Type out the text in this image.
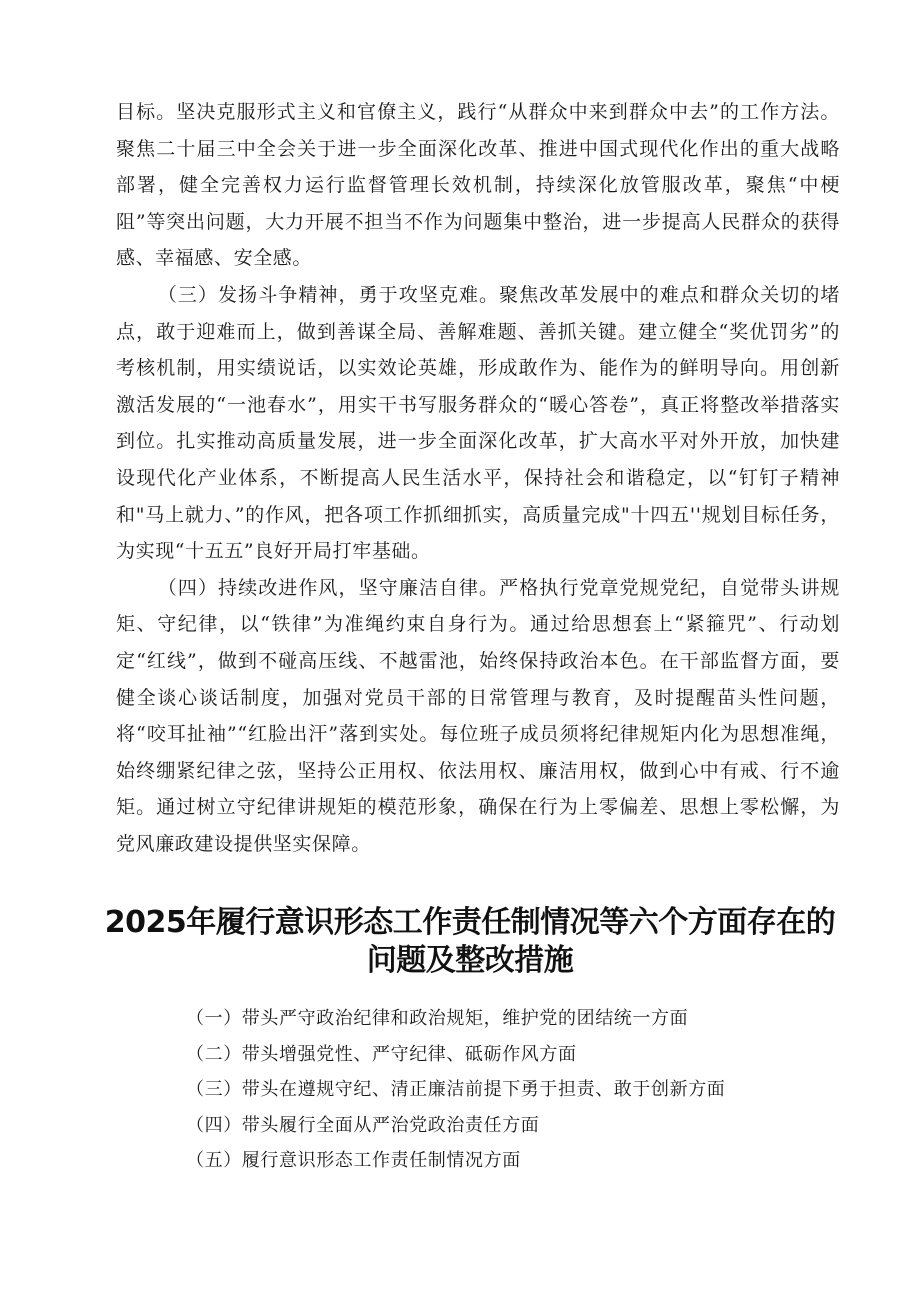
目标。坚决克服形式主义和官僚主义，践行“从群众中来到群众中去”的工作方法。聚焦二十届三中全会关于进一步全面深化改革、推进中国式现代化作出的重大战略部署，健全完善权力运行监督管理长效机制，持续深化放管服改革，聚焦“中梗阻”等突出问题，大力开展不担当不作为问题集中整治，进一步提高人民群众的获得感、幸福感、安全感。

（三）发扬斗争精神，勇于攻坚克难。聚焦改革发展中的难点和群众关切的堵点，敢于迎难而上，做到善谋全局、善解难题、善抓关键。建立健全“奖优罚劣”的考核机制，用实绩说话，以实效论英雄，形成敢作为、能作为的鲜明导向。用创新激活发展的“一池春水”，用实干书写服务群众的“暖心答卷”，真正将整改举措落实到位。扎实推动高质量发展，进一步全面深化改革，扩大高水平对外开放，加快建设现代化产业体系，不断提高人民生活水平，保持社会和谐稳定，以“钉钉子精神和"马上就力、”的作风，把各项工作抓细抓实，高质量完成"十四五''规划目标任务，为实现“十五五”良好开局打牢基础。

（四）持续改进作风，坚守廉洁自律。严格执行党章党规党纪，自觉带头讲规矩、守纪律，以“铁律”为准绳约束自身行为。通过给思想套上“紧箍咒”、行动划定“红线”，做到不碰高压线、不越雷池，始终保持政治本色。在干部监督方面，要健全谈心谈话制度，加强对党员干部的日常管理与教育，及时提醒苗头性问题，将“咬耳扯袖”“红脸出汗”落到实处。每位班子成员须将纪律规矩内化为思想准绳，始终绷紧纪律之弦，坚持公正用权、依法用权、廉洁用权，做到心中有戒、行不逾矩。通过树立守纪律讲规矩的模范形象，确保在行为上零偏差、思想上零松懈，为党风廉政建设提供坚实保障。

2025年履行意识形态工作责任制情况等六个方面存在的问题及整改措施
（一）带头严守政治纪律和政治规矩，维护党的团结统一方面
（二）带头增强党性、严守纪律、砥砺作风方面
（三）带头在遵规守纪、清正廉洁前提下勇于担责、敢于创新方面
（四）带头履行全面从严治党政治责任方面
（五）履行意识形态工作责任制情况方面
